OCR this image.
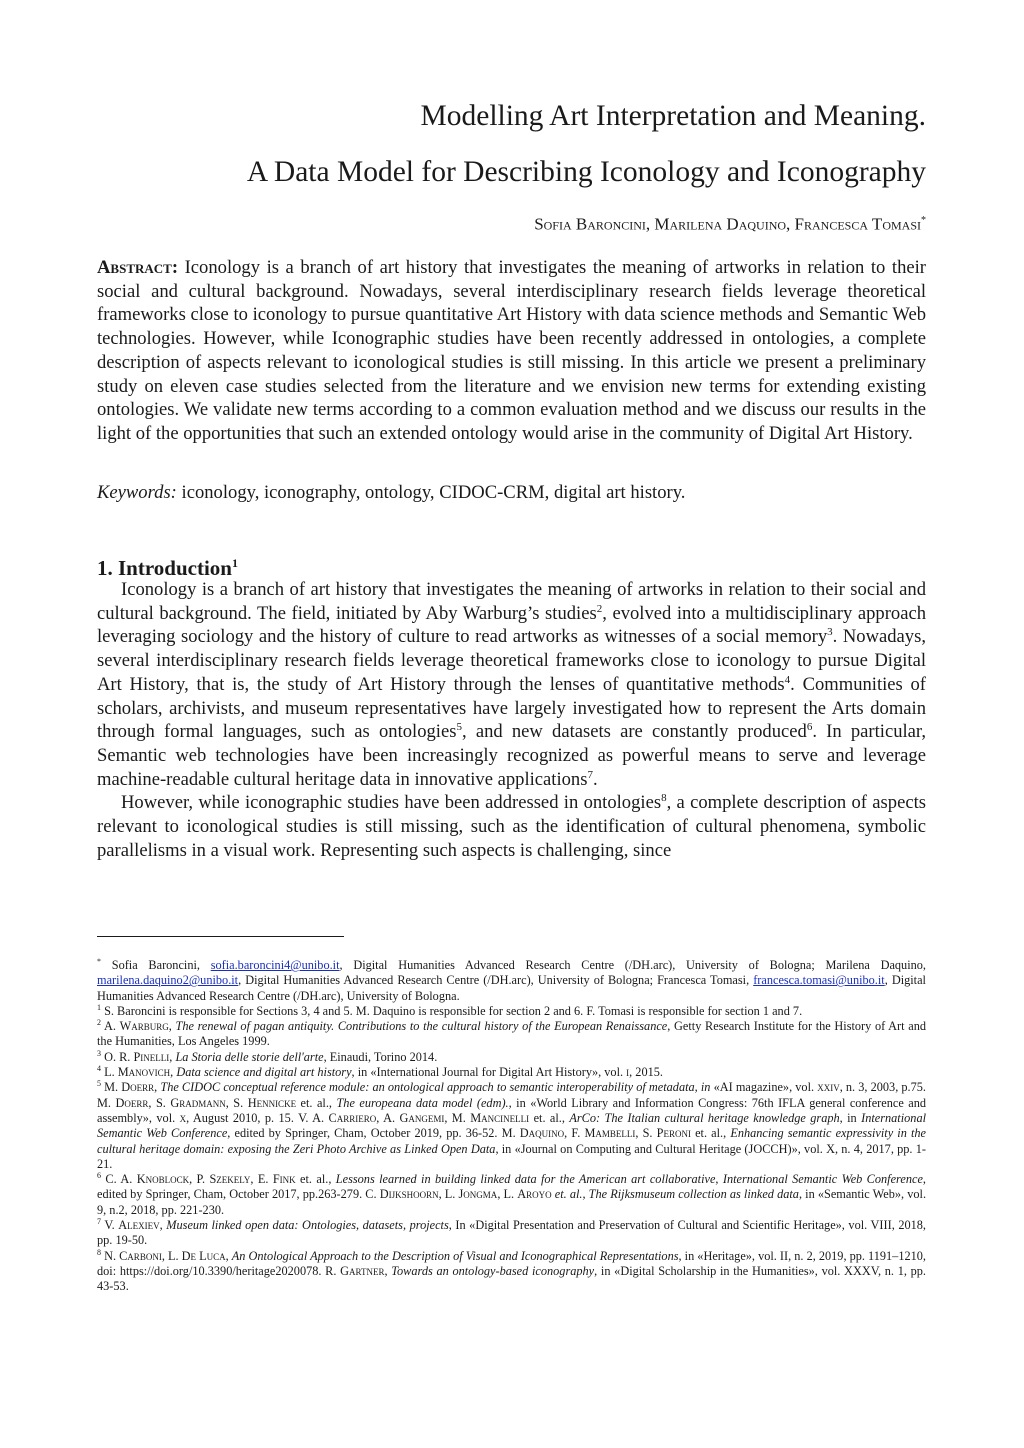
Modelling Art Interpretation and Meaning.
A Data Model for Describing Iconology and Iconography
Sofia Baroncini, Marilena Daquino, Francesca Tomasi*
Abstract: Iconology is a branch of art history that investigates the meaning of artworks in relation to their social and cultural background. Nowadays, several interdisciplinary research fields leverage theoretical frameworks close to iconology to pursue quantitative Art History with data science methods and Semantic Web technologies. However, while Iconographic studies have been recently addressed in ontologies, a complete description of aspects relevant to iconological studies is still missing. In this article we present a preliminary study on eleven case studies selected from the literature and we envision new terms for extending existing ontologies. We validate new terms according to a common evaluation method and we discuss our results in the light of the opportunities that such an extended ontology would arise in the community of Digital Art History.
Keywords: iconology, iconography, ontology, CIDOC-CRM, digital art history.
1. Introduction$^1$

Iconology is a branch of art history that investigates the meaning of artworks in relation to their social and cultural background. The field, initiated by Aby Warburg’s studies$^2$, evolved into a multidisciplinary approach leveraging sociology and the history of culture to read artworks as witnesses of a social memory$^3$. Nowadays, several interdisciplinary research fields leverage theoretical frameworks close to iconology to pursue Digital Art History, that is, the study of Art History through the lenses of quantitative methods$^4$. Communities of scholars, archivists, and museum representatives have largely investigated how to represent the Arts domain through formal languages, such as ontologies$^5$, and new datasets are constantly produced$^6$. In particular, Semantic web technologies have been increasingly recognized as powerful means to serve and leverage machine-readable cultural heritage data in innovative applications$^7$.

However, while iconographic studies have been addressed in ontologies$^8$, a complete description of aspects relevant to iconological studies is still missing, such as the identification of cultural phenomena, symbolic parallelisms in a visual work. Representing such aspects is challenging, since

* Sofia Baroncini, sofia.baroncini4@unibo.it, Digital Humanities Advanced Research Centre (/DH.arc), University of Bologna; Marilena Daquino, marilena.daquino2@unibo.it, Digital Humanities Advanced Research Centre (/DH.arc), University of Bologna; Francesca Tomasi, francesca.tomasi@unibo.it, Digital Humanities Advanced Research Centre (/DH.arc), University of Bologna.

$^1$ S. Baroncini is responsible for Sections 3, 4 and 5. M. Daquino is responsible for section 2 and 6. F. Tomasi is responsible for section 1 and 7.

$^2$ A. Warburg, The renewal of pagan antiquity. Contributions to the cultural history of the European Renaissance, Getty Research Institute for the History of Art and the Humanities, Los Angeles 1999.

$^3$ O. R. Pinelli, La Storia delle storie dell'arte, Einaudi, Torino 2014.

$^4$ L. Manovich, Data science and digital art history, in «International Journal for Digital Art History», vol. i, 2015.

$^5$ M. Doerr, The CIDOC conceptual reference module: an ontological approach to semantic interoperability of metadata, in «AI magazine», vol. xxiv, n. 3, 2003, p.75. M. Doerr, S. Gradmann, S. Hennicke et. al., The europeana data model (edm)., in «World Library and Information Congress: 76th IFLA general conference and assembly», vol. x, August 2010, p. 15. V. A. Carriero, A. Gangemi, M. Mancinelli et. al., ArCo: The Italian cultural heritage knowledge graph, in International Semantic Web Conference, edited by Springer, Cham, October 2019, pp. 36-52. M. Daquino, F. Mambelli, S. Peroni et. al., Enhancing semantic expressivity in the cultural heritage domain: exposing the Zeri Photo Archive as Linked Open Data, in «Journal on Computing and Cultural Heritage (JOCCH)», vol. X, n. 4, 2017, pp. 1-21.

$^6$ C. A. Knoblock, P. Szekely, E. Fink et. al., Lessons learned in building linked data for the American art collaborative, International Semantic Web Conference, edited by Springer, Cham, October 2017, pp.263-279. C. Dijkshoorn, L. Jongma, L. Aroyo et. al., The Rijksmuseum collection as linked data, in «Semantic Web», vol. 9, n.2, 2018, pp. 221-230.

$^7$ V. Alexiev, Museum linked open data: Ontologies, datasets, projects, In «Digital Presentation and Preservation of Cultural and Scientific Heritage», vol. VIII, 2018, pp. 19-50.

$^8$ N. Carboni, L. De Luca, An Ontological Approach to the Description of Visual and Iconographical Representations, in «Heritage», vol. II, n. 2, 2019, pp. 1191–1210, doi: https://doi.org/10.3390/heritage2020078. R. Gartner, Towards an ontology-based iconography, in «Digital Scholarship in the Humanities», vol. XXXV, n. 1, pp. 43-53.
